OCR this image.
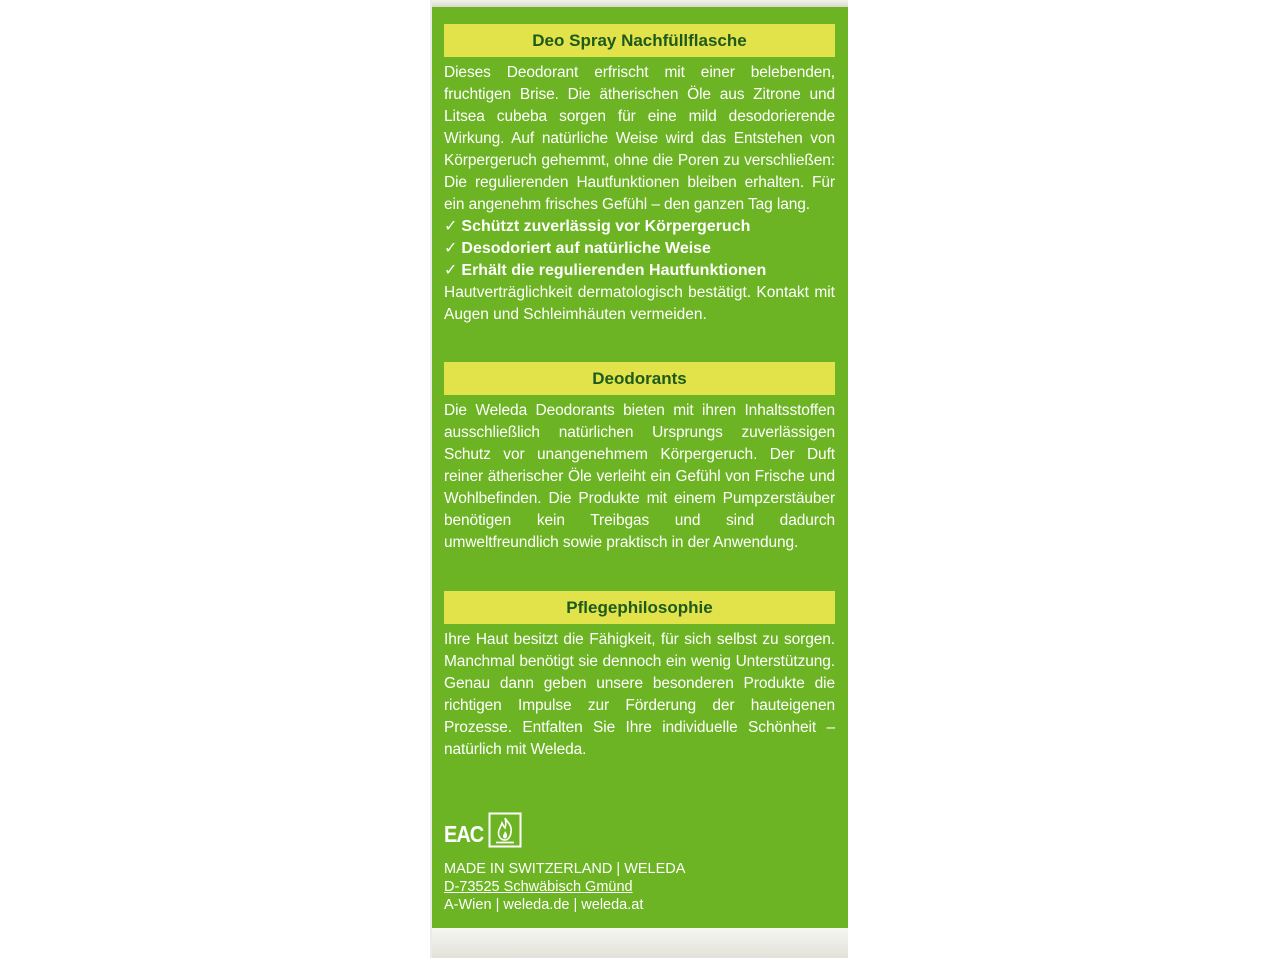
Deo Spray Nachfüllflasche
Dieses Deodorant erfrischt mit einer belebenden, fruchtigen Brise. Die ätherischen Öle aus Zitrone und Litsea cubeba sorgen für eine mild desodorierende Wirkung. Auf natürliche Weise wird das Entstehen von Körpergeruch gehemmt, ohne die Poren zu verschließen: Die regulierenden Hautfunktionen bleiben erhalten. Für ein angenehm frisches Gefühl – den ganzen Tag lang.
✓ Schützt zuverlässig vor Körpergeruch
✓ Desodoriert auf natürliche Weise
✓ Erhält die regulierenden Hautfunktionen
Hautverträglichkeit dermatologisch bestätigt. Kontakt mit Augen und Schleimhäuten vermeiden.
Deodorants
Die Weleda Deodorants bieten mit ihren Inhaltsstoffen ausschließlich natürlichen Ursprungs zuverlässigen Schutz vor unangenehmem Körpergeruch. Der Duft reiner ätherischer Öle verleiht ein Gefühl von Frische und Wohlbefinden. Die Produkte mit einem Pumpzerstäuber benötigen kein Treibgas und sind dadurch umweltfreundlich sowie praktisch in der Anwendung.
Pflegephilosophie
Ihre Haut besitzt die Fähigkeit, für sich selbst zu sorgen. Manchmal benötigt sie dennoch ein wenig Unterstützung. Genau dann geben unsere besonderen Produkte die richtigen Impulse zur Förderung der hauteigenen Prozesse. Entfalten Sie Ihre individuelle Schönheit – natürlich mit Weleda.
EAC
MADE IN SWITZERLAND | WELEDA
D-73525 Schwäbisch Gmünd
A-Wien | weleda.de | weleda.at
